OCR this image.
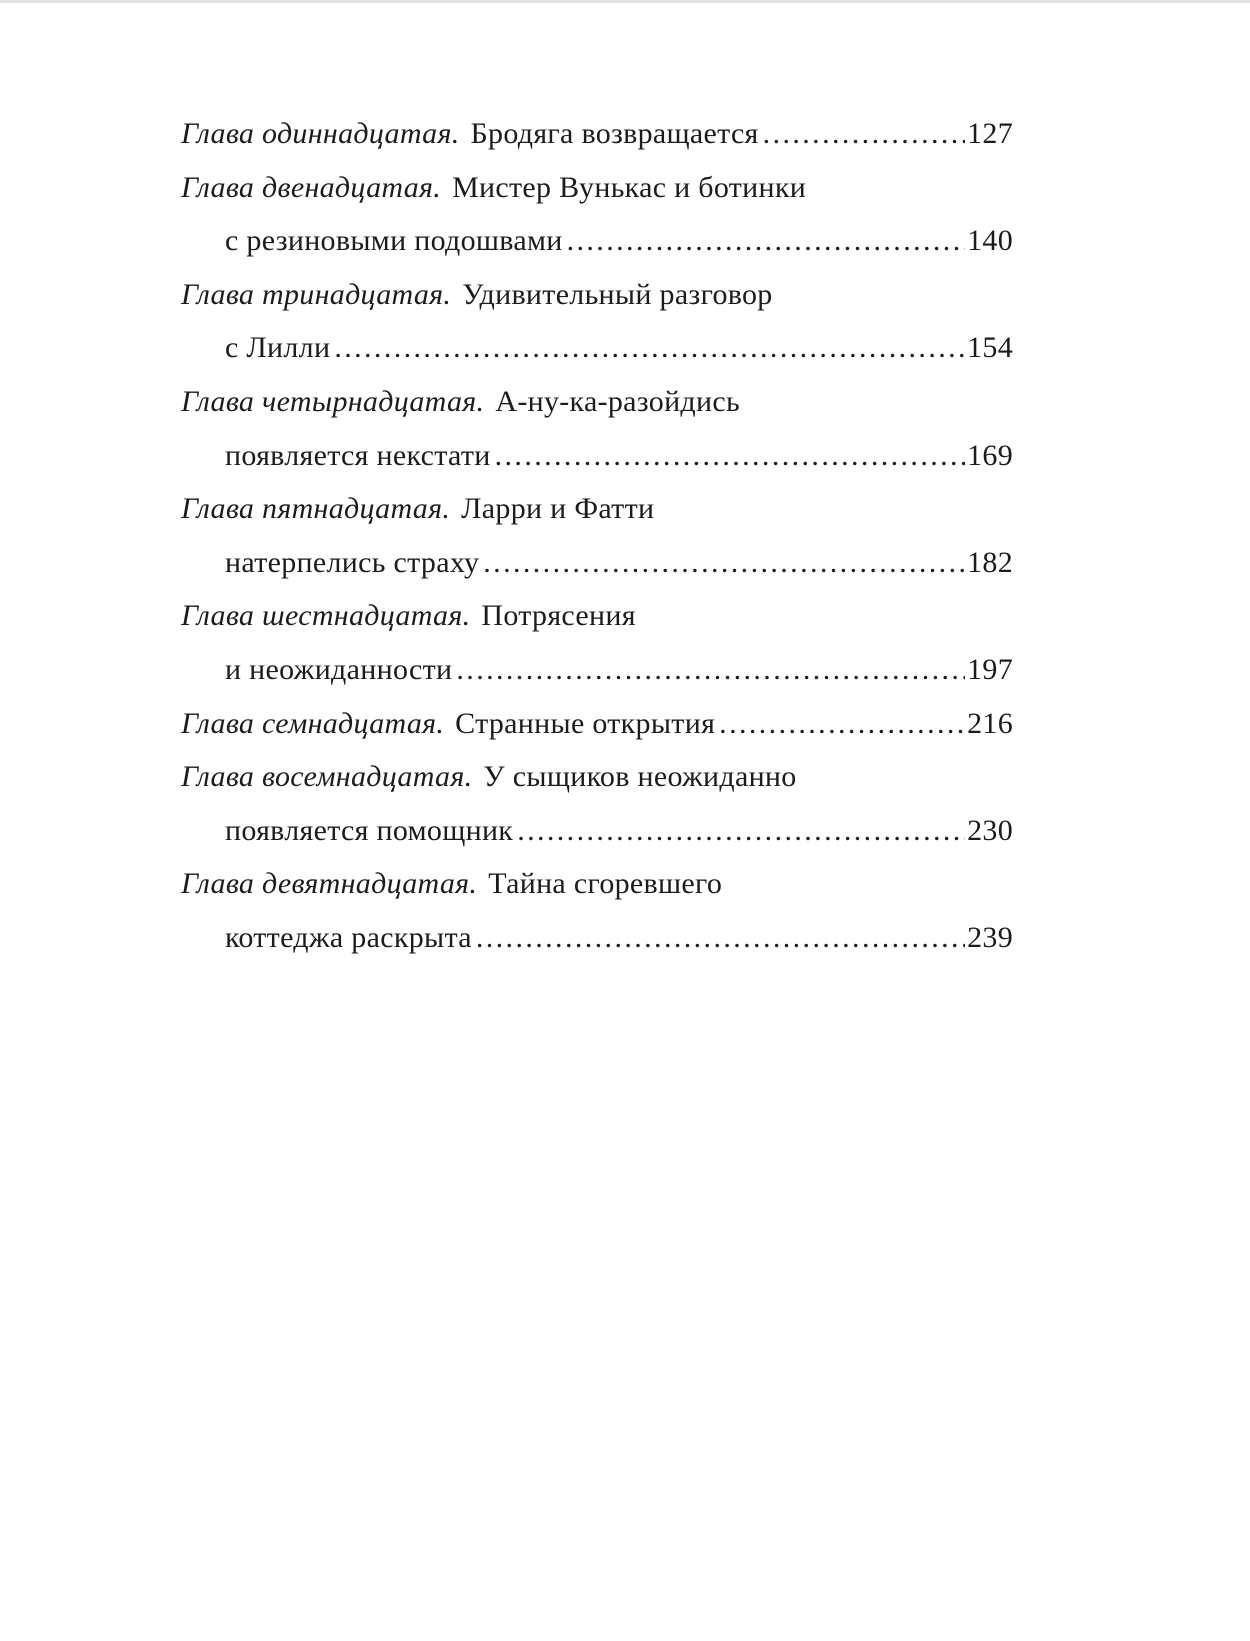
Глава одиннадцатая. Бродяга возвращается .....	127
Глава двенадцатая. Мистер Вунькас и ботинки
с резиновыми подошвами .....	140
Глава тринадцатая. Удивительный разговор
с Лилли .....	154
Глава четырнадцатая. А-ну-ка-разойдись
появляется некстати .....	169
Глава пятнадцатая. Ларри и Фатти
натерпелись страху .....	182
Глава шестнадцатая. Потрясения
и неожиданности .....	197
Глава семнадцатая. Странные открытия .....	216
Глава восемнадцатая. У сыщиков неожиданно
появляется помощник .....	230
Глава девятнадцатая. Тайна сгоревшего
коттеджа раскрыта .....	239
